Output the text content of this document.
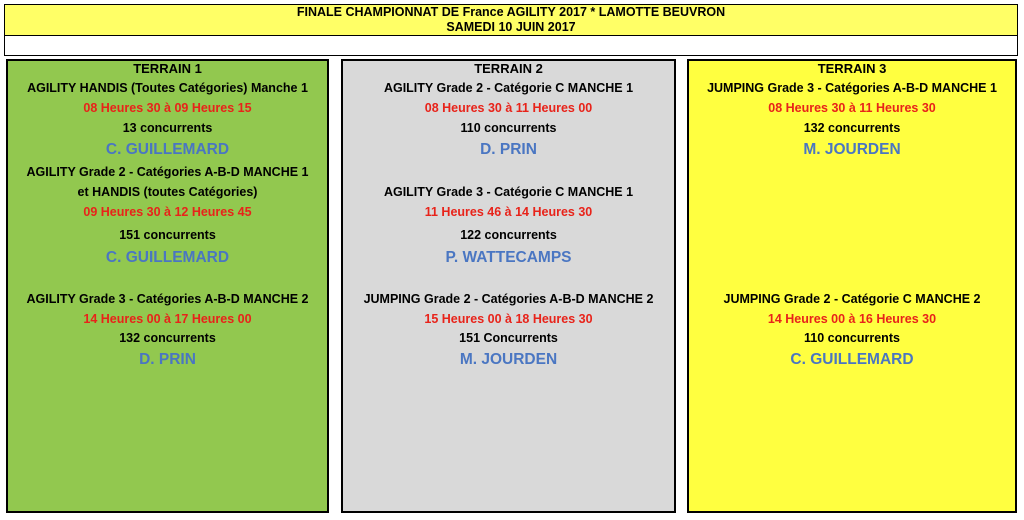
FINALE CHAMPIONNAT DE France AGILITY 2017 * LAMOTTE BEUVRON
SAMEDI 10 JUIN 2017
TERRAIN 1
AGILITY HANDIS (Toutes Catégories) Manche 1
08 Heures 30 à 09 Heures 15
13 concurrents
C. GUILLEMARD
AGILITY Grade 2 - Catégories A-B-D MANCHE 1
et HANDIS (toutes Catégories)
09 Heures 30 à 12 Heures 45
151 concurrents
C. GUILLEMARD
AGILITY Grade 3 - Catégories A-B-D MANCHE 2
14 Heures 00 à 17 Heures 00
132 concurrents
D. PRIN
TERRAIN 2
AGILITY Grade 2 - Catégorie C MANCHE 1
08 Heures 30 à 11 Heures 00
110 concurrents
D. PRIN
AGILITY Grade 3 - Catégorie C MANCHE 1
11 Heures 46 à 14 Heures 30
122 concurrents
P. WATTECAMPS
JUMPING Grade 2 - Catégories A-B-D MANCHE 2
15 Heures 00 à 18 Heures 30
151 Concurrents
M. JOURDEN
TERRAIN 3
JUMPING Grade 3 - Catégories A-B-D MANCHE 1
08 Heures 30 à 11 Heures 30
132 concurrents
M. JOURDEN
JUMPING Grade 2 - Catégorie C MANCHE 2
14 Heures 00 à 16 Heures 30
110 concurrents
C. GUILLEMARD
